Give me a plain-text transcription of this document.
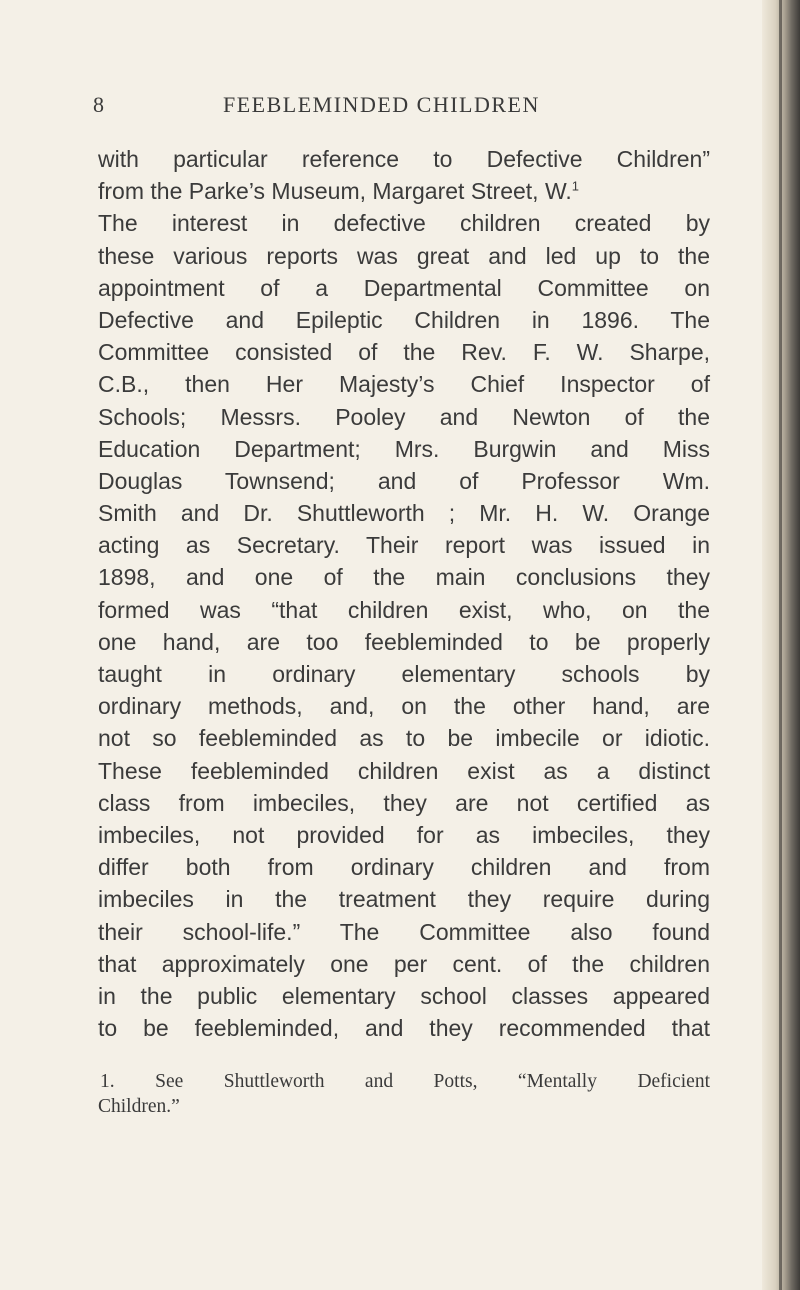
8	FEEBLEMINDED CHILDREN
with particular reference to Defective Children”
from the Parke’s Museum, Margaret Street, W.$^1$
The interest in defective children created by
these various reports was great and led up to the
appointment of a Departmental Committee on
Defective and Epileptic Children in 1896. The
Committee consisted of the Rev. F. W. Sharpe,
C.B., then Her Majesty’s Chief Inspector of
Schools; Messrs. Pooley and Newton of the
Education Department; Mrs. Burgwin and Miss
Douglas Townsend; and of Professor Wm.
Smith and Dr. Shuttleworth ; Mr. H. W. Orange
acting as Secretary. Their report was issued in
1898, and one of the main conclusions they
formed was “that children exist, who, on the
one hand, are too feebleminded to be properly
taught in ordinary elementary schools by
ordinary methods, and, on the other hand, are
not so feebleminded as to be imbecile or idiotic.
These feebleminded children exist as a distinct
class from imbeciles, they are not certified as
imbeciles, not provided for as imbeciles, they
differ both from ordinary children and from
imbeciles in the treatment they require during
their school-life.” The Committee also found
that approximately one per cent. of the children
in the public elementary school classes appeared
to be feebleminded, and they recommended that
1. See Shuttleworth and Potts, “Mentally Deficient
Children.”
